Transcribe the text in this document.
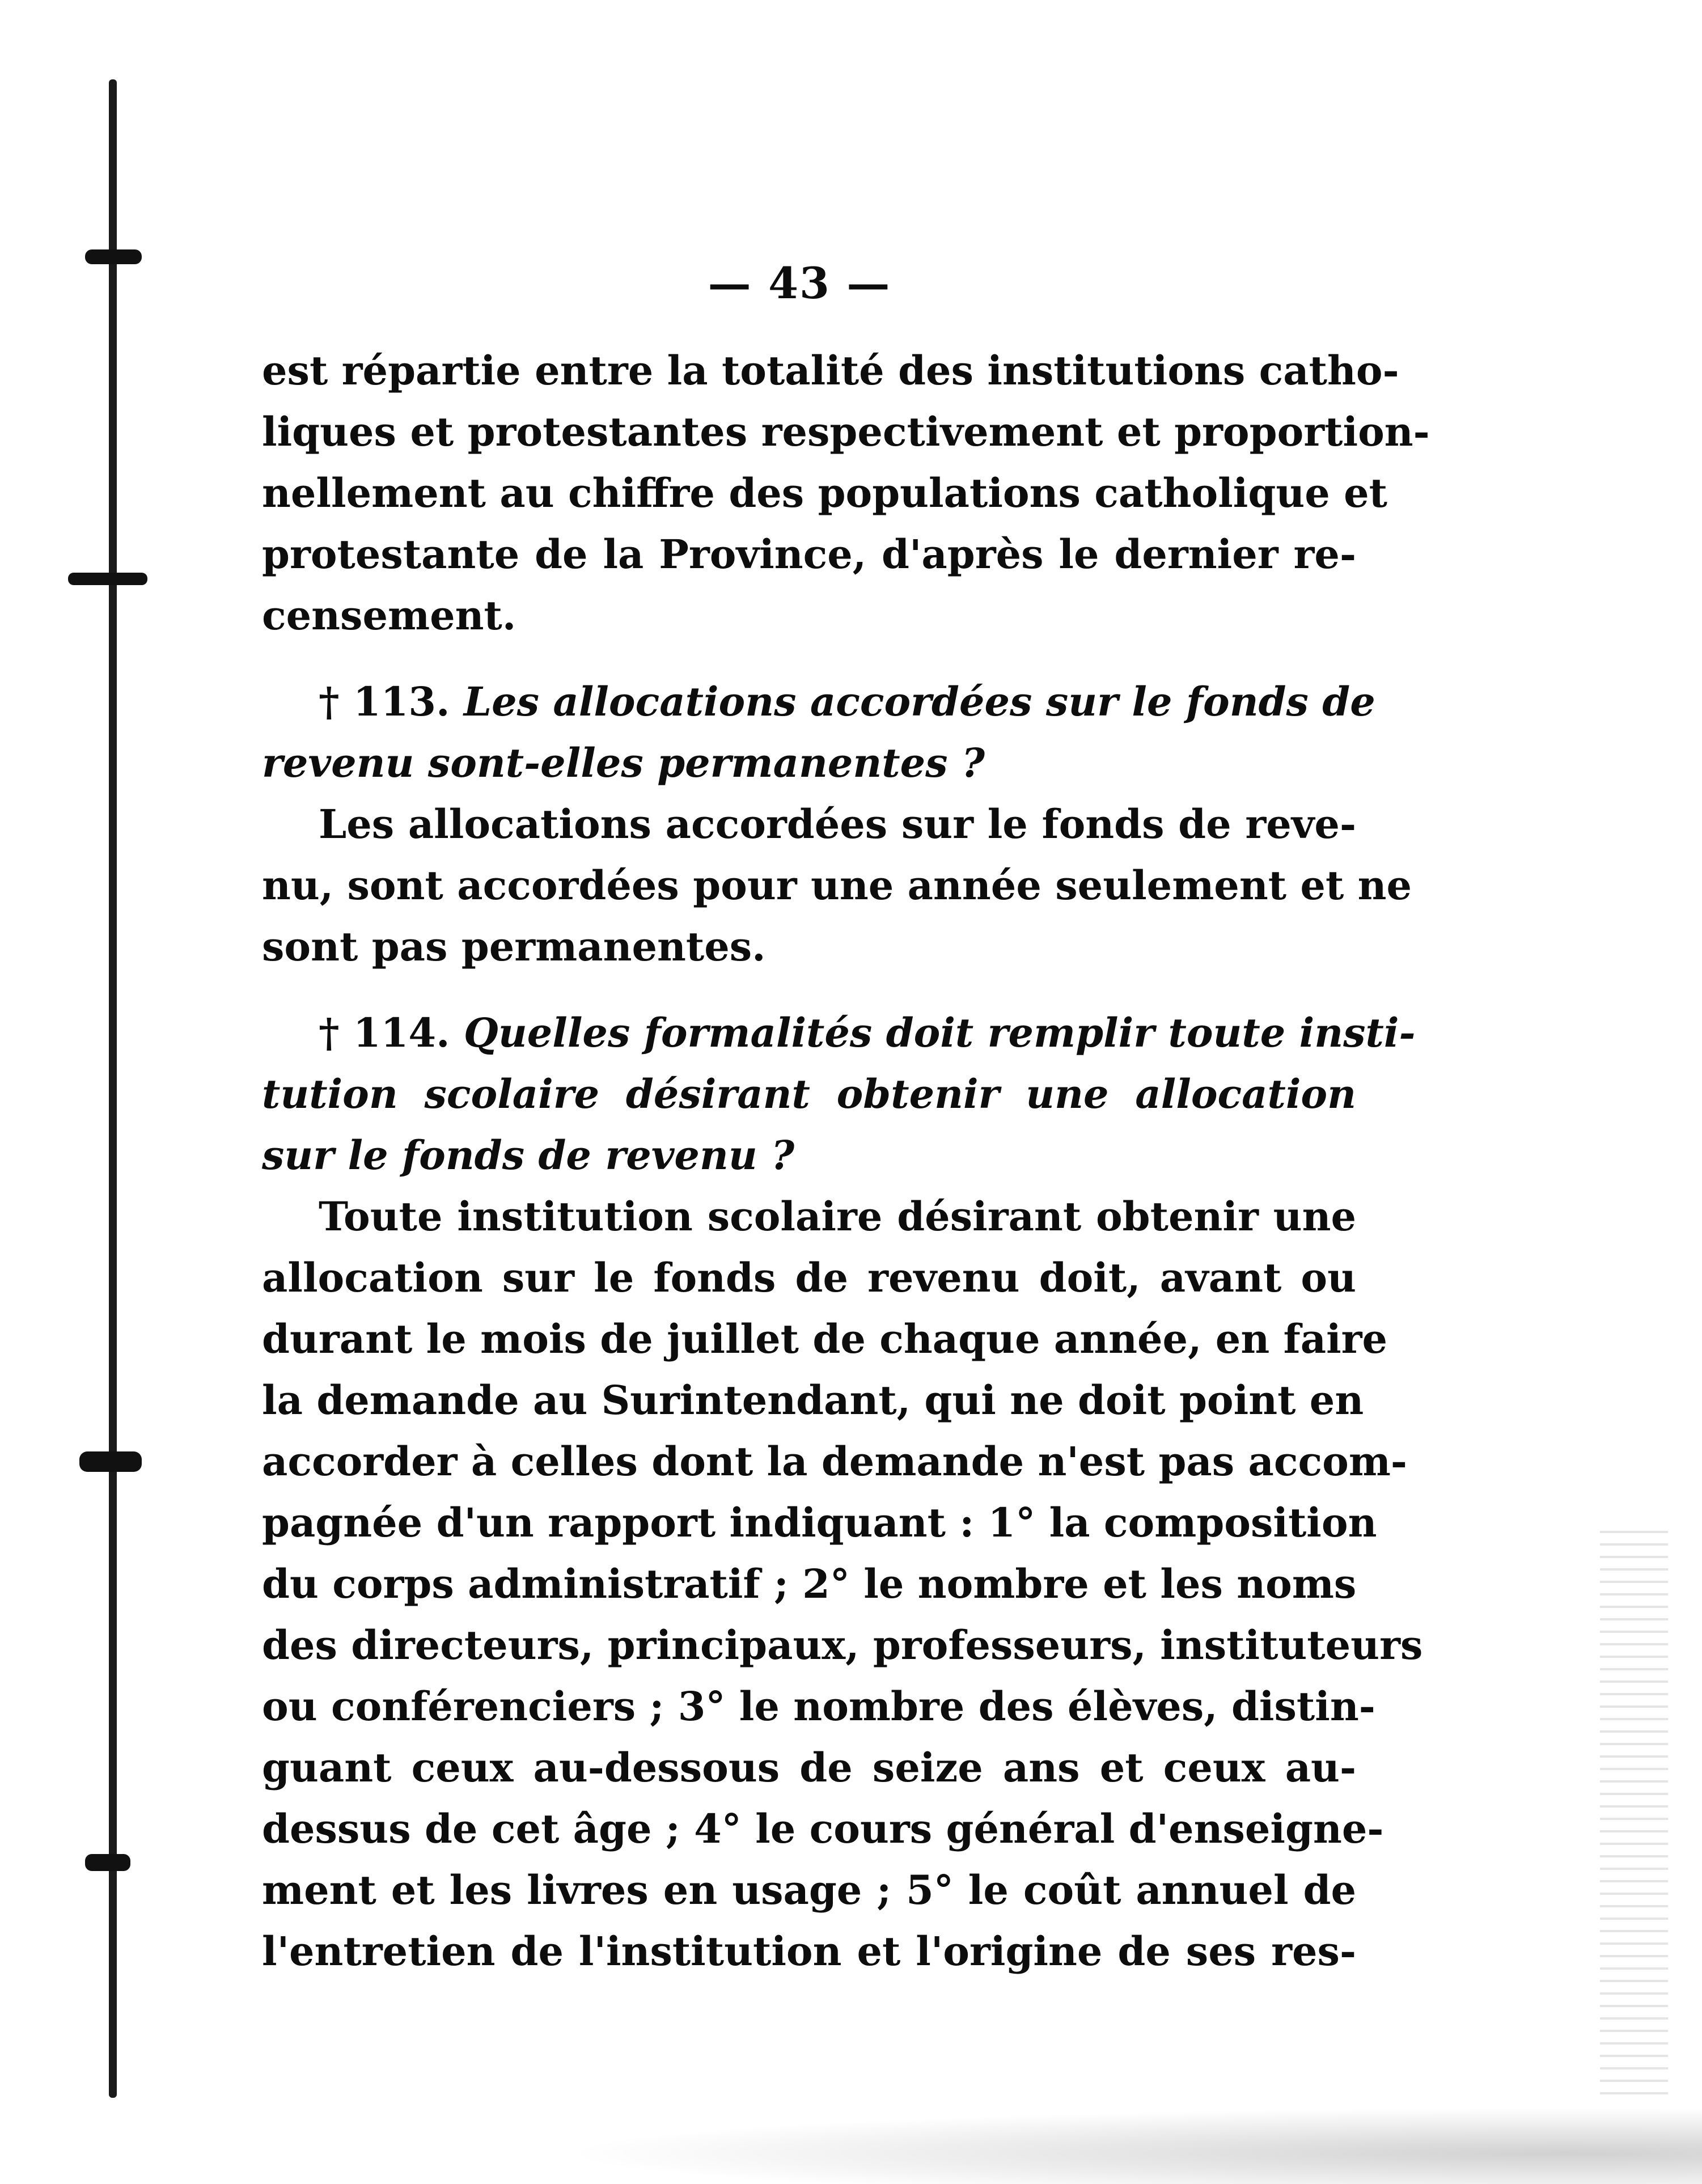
— 43 —

est répartie entre la totalité des institutions catho-
liques et protestantes respectivement et proportion-
nellement au chiffre des populations catholique et
protestante de la Province, d'après le dernier re-
censement.

† 113. Les allocations accordées sur le fonds de
revenu sont-elles permanentes ?

Les allocations accordées sur le fonds de reve-
nu, sont accordées pour une année seulement et ne
sont pas permanentes.

† 114. Quelles formalités doit remplir toute insti-
tution scolaire désirant obtenir une allocation
sur le fonds de revenu ?

Toute institution scolaire désirant obtenir une
allocation sur le fonds de revenu doit, avant ou
durant le mois de juillet de chaque année, en faire
la demande au Surintendant, qui ne doit point en
accorder à celles dont la demande n'est pas accom-
pagnée d'un rapport indiquant : 1° la composition
du corps administratif ; 2° le nombre et les noms
des directeurs, principaux, professeurs, instituteurs
ou conférenciers ; 3° le nombre des élèves, distin-
guant ceux au-dessous de seize ans et ceux au-
dessus de cet âge ; 4° le cours général d'enseigne-
ment et les livres en usage ; 5° le coût annuel de
l'entretien de l'institution et l'origine de ses res-
